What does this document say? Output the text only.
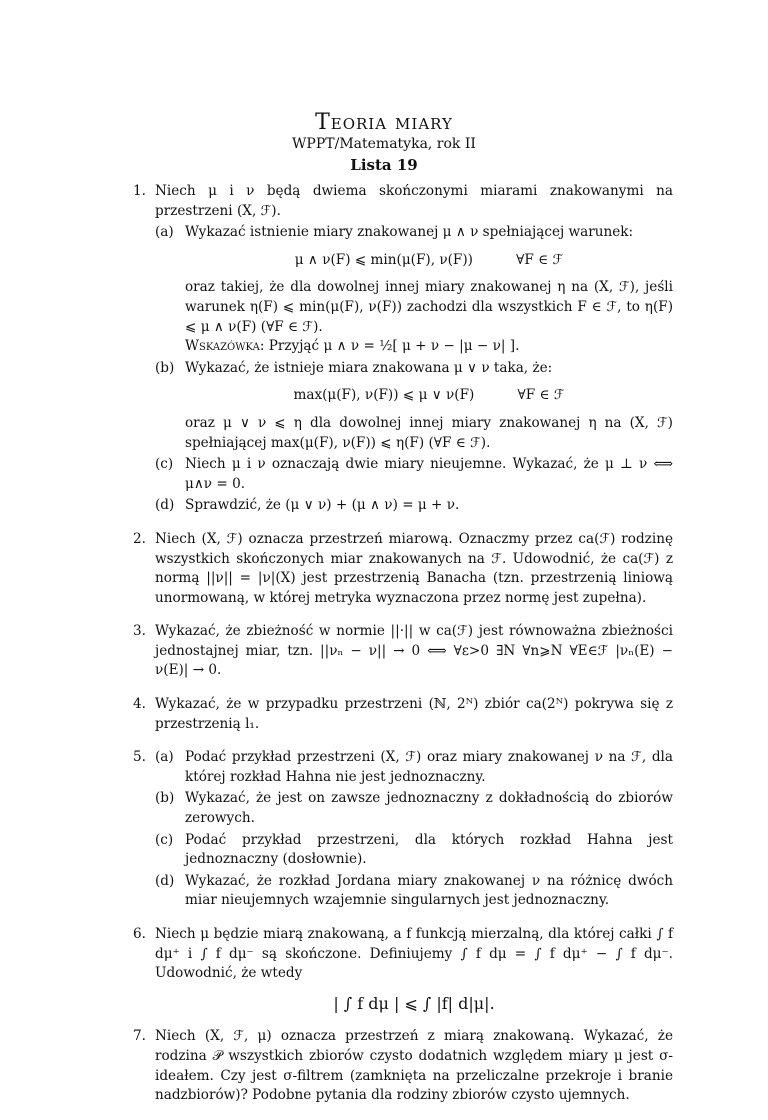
Teoria miary
WPPT/Matematyka, rok II
Lista 19
1. Niech μ i ν będą dwiema skończonymi miarami znakowanymi na przestrzeni (X, ℱ).
(a) Wykazać istnienie miary znakowanej μ ∧ ν spełniającej warunek:
μ ∧ ν(F) ⩽ min(μ(F), ν(F))          ∀F ∈ ℱ
oraz takiej, że dla dowolnej innej miary znakowanej η na (X, ℱ), jeśli warunek η(F) ⩽ min(μ(F), ν(F)) zachodzi dla wszystkich F ∈ ℱ, to η(F) ⩽ μ ∧ ν(F) (∀F ∈ ℱ).
Wskazówka: Przyjąć μ ∧ ν = ½[ μ + ν − |μ − ν| ].
(b) Wykazać, że istnieje miara znakowana μ ∨ ν taka, że:
max(μ(F), ν(F)) ⩽ μ ∨ ν(F)          ∀F ∈ ℱ
oraz μ ∨ ν ⩽ η dla dowolnej innej miary znakowanej η na (X, ℱ) spełniającej max(μ(F), ν(F)) ⩽ η(F) (∀F ∈ ℱ).
(c) Niech μ i ν oznaczają dwie miary nieujemne. Wykazać, że μ ⊥ ν ⟺ μ∧ν = 0.
(d) Sprawdzić, że (μ ∨ ν) + (μ ∧ ν) = μ + ν.
2. Niech (X, ℱ) oznacza przestrzeń miarową. Oznaczmy przez ca(ℱ) rodzinę wszystkich skończonych miar znakowanych na ℱ. Udowodnić, że ca(ℱ) z normą ||ν|| = |ν|(X) jest przestrzenią Banacha (tzn. przestrzenią liniową unormowaną, w której metryka wyznaczona przez normę jest zupełna).
3. Wykazać, że zbieżność w normie ||·|| w ca(ℱ) jest równoważna zbieżności jednostajnej miar, tzn. ||νₙ − ν|| → 0 ⟺ ∀ε>0 ∃N ∀n⩾N ∀E∈ℱ |νₙ(E) − ν(E)| → 0.
4. Wykazać, że w przypadku przestrzeni (ℕ, 2ᴺ) zbiór ca(2ᴺ) pokrywa się z przestrzenią l₁.
5. (a) Podać przykład przestrzeni (X, ℱ) oraz miary znakowanej ν na ℱ, dla której rozkład Hahna nie jest jednoznaczny.
(b) Wykazać, że jest on zawsze jednoznaczny z dokładnością do zbiorów zerowych.
(c) Podać przykład przestrzeni, dla których rozkład Hahna jest jednoznaczny (dosłownie).
(d) Wykazać, że rozkład Jordana miary znakowanej ν na różnicę dwóch miar nieujemnych wzajemnie singularnych jest jednoznaczny.
6. Niech μ będzie miarą znakowaną, a f funkcją mierzalną, dla której całki ∫ f dμ⁺ i ∫ f dμ⁻ są skończone. Definiujemy ∫ f dμ = ∫ f dμ⁺ − ∫ f dμ⁻. Udowodnić, że wtedy
| ∫ f dμ | ⩽ ∫ |f| d|μ|.
7. Niech (X, ℱ, μ) oznacza przestrzeń z miarą znakowaną. Wykazać, że rodzina 𝒫 wszystkich zbiorów czysto dodatnich względem miary μ jest σ-ideałem. Czy jest σ-filtrem (zamknięta na przeliczalne przekroje i branie nadzbiorów)? Podobne pytania dla rodziny zbiorów czysto ujemnych.
